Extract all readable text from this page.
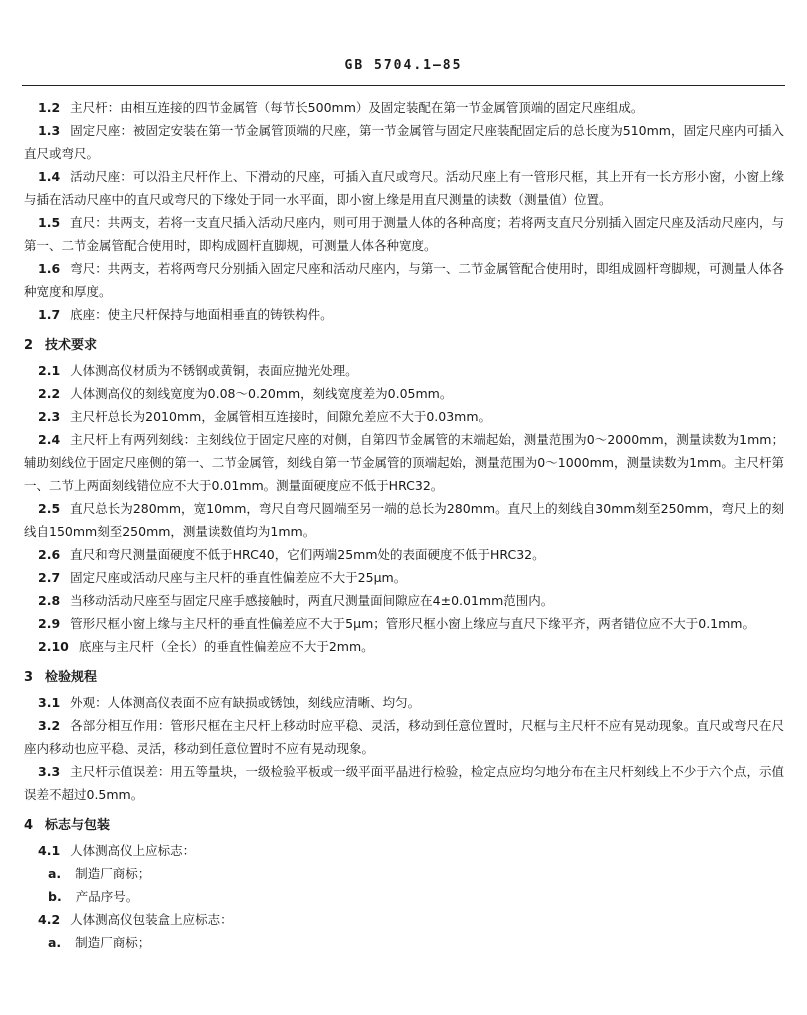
GB 5704.1—85

1.2 主尺杆：由相互连接的四节金属管（每节长500mm）及固定装配在第一节金属管顶端的固定尺座组成。

1.3 固定尺座：被固定安装在第一节金属管顶端的尺座，第一节金属管与固定尺座装配固定后的总长度为510mm，固定尺座内可插入直尺或弯尺。

1.4 活动尺座：可以沿主尺杆作上、下滑动的尺座，可插入直尺或弯尺。活动尺座上有一管形尺框，其上开有一长方形小窗，小窗上缘与插在活动尺座中的直尺或弯尺的下缘处于同一水平面，即小窗上缘是用直尺测量的读数（测量值）位置。

1.5 直尺：共两支，若将一支直尺插入活动尺座内，则可用于测量人体的各种高度；若将两支直尺分别插入固定尺座及活动尺座内，与第一、二节金属管配合使用时，即构成圆杆直脚规，可测量人体各种宽度。

1.6 弯尺：共两支，若将两弯尺分别插入固定尺座和活动尺座内，与第一、二节金属管配合使用时，即组成圆杆弯脚规，可测量人体各种宽度和厚度。

1.7 底座：使主尺杆保持与地面相垂直的铸铁构件。

2 技术要求

2.1 人体测高仪材质为不锈钢或黄铜，表面应抛光处理。

2.2 人体测高仪的刻线宽度为0.08～0.20mm，刻线宽度差为0.05mm。

2.3 主尺杆总长为2010mm，金属管相互连接时，间隙允差应不大于0.03mm。

2.4 主尺杆上有两列刻线：主刻线位于固定尺座的对侧，自第四节金属管的末端起始，测量范围为0～2000mm，测量读数为1mm；辅助刻线位于固定尺座侧的第一、二节金属管，刻线自第一节金属管的顶端起始，测量范围为0～1000mm，测量读数为1mm。主尺杆第一、二节上两面刻线错位应不大于0.01mm。测量面硬度应不低于HRC32。

2.5 直尺总长为280mm，宽10mm，弯尺自弯尺圆端至另一端的总长为280mm。直尺上的刻线自30mm刻至250mm，弯尺上的刻线自150mm刻至250mm，测量读数值均为1mm。

2.6 直尺和弯尺测量面硬度不低于HRC40，它们两端25mm处的表面硬度不低于HRC32。

2.7 固定尺座或活动尺座与主尺杆的垂直性偏差应不大于25μm。

2.8 当移动活动尺座至与固定尺座手感接触时，两直尺测量面间隙应在4±0.01mm范围内。

2.9 管形尺框小窗上缘与主尺杆的垂直性偏差应不大于5μm；管形尺框小窗上缘应与直尺下缘平齐，两者错位应不大于0.1mm。

2.10 底座与主尺杆（全长）的垂直性偏差应不大于2mm。

3 检验规程

3.1 外观：人体测高仪表面不应有缺损或锈蚀，刻线应清晰、均匀。

3.2 各部分相互作用：管形尺框在主尺杆上移动时应平稳、灵活，移动到任意位置时，尺框与主尺杆不应有晃动现象。直尺或弯尺在尺座内移动也应平稳、灵活，移动到任意位置时不应有晃动现象。

3.3 主尺杆示值误差：用五等量块，一级检验平板或一级平面平晶进行检验，检定点应均匀地分布在主尺杆刻线上不少于六个点，示值误差不超过0.5mm。

4 标志与包装

4.1 人体测高仪上应标志：

a. 制造厂商标；
b. 产品序号。

4.2 人体测高仪包装盒上应标志：

a. 制造厂商标；
